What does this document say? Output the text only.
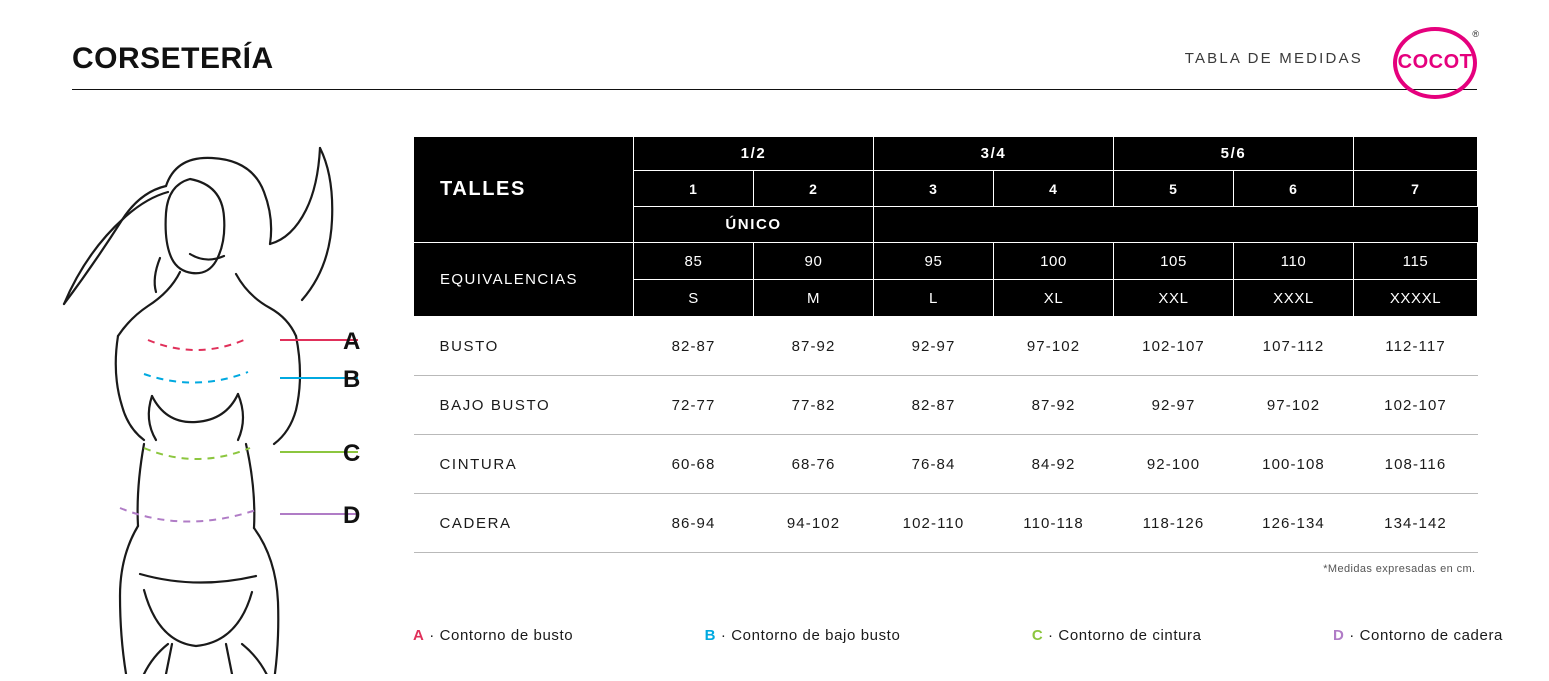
CORSETERÍA	TABLA DE MEDIDAS COCOT
®
A
B
C
D
TALLES	1/2		3/4		5/6		
	1	2	3	4	5	6	7
	ÚNICO						
EQUIVALENCIAS	85	90	95	100	105	110	115
	S	M	L	XL	XXL	XXXL	XXXXL
BUSTO	82-87	87-92	92-97	97-102	102-107	107-112	112-117
BAJO BUSTO	72-77	77-82	82-87	87-92	92-97	97-102	102-107
CINTURA	60-68	68-76	76-84	84-92	92-100	100-108	108-116
CADERA	86-94	94-102	102-110	110-118	118-126	126-134	134-142
*Medidas expresadas en cm.							
A · Contorno de busto	B · Contorno de bajo busto	C · Contorno de cintura	D · Contorno de cadera
